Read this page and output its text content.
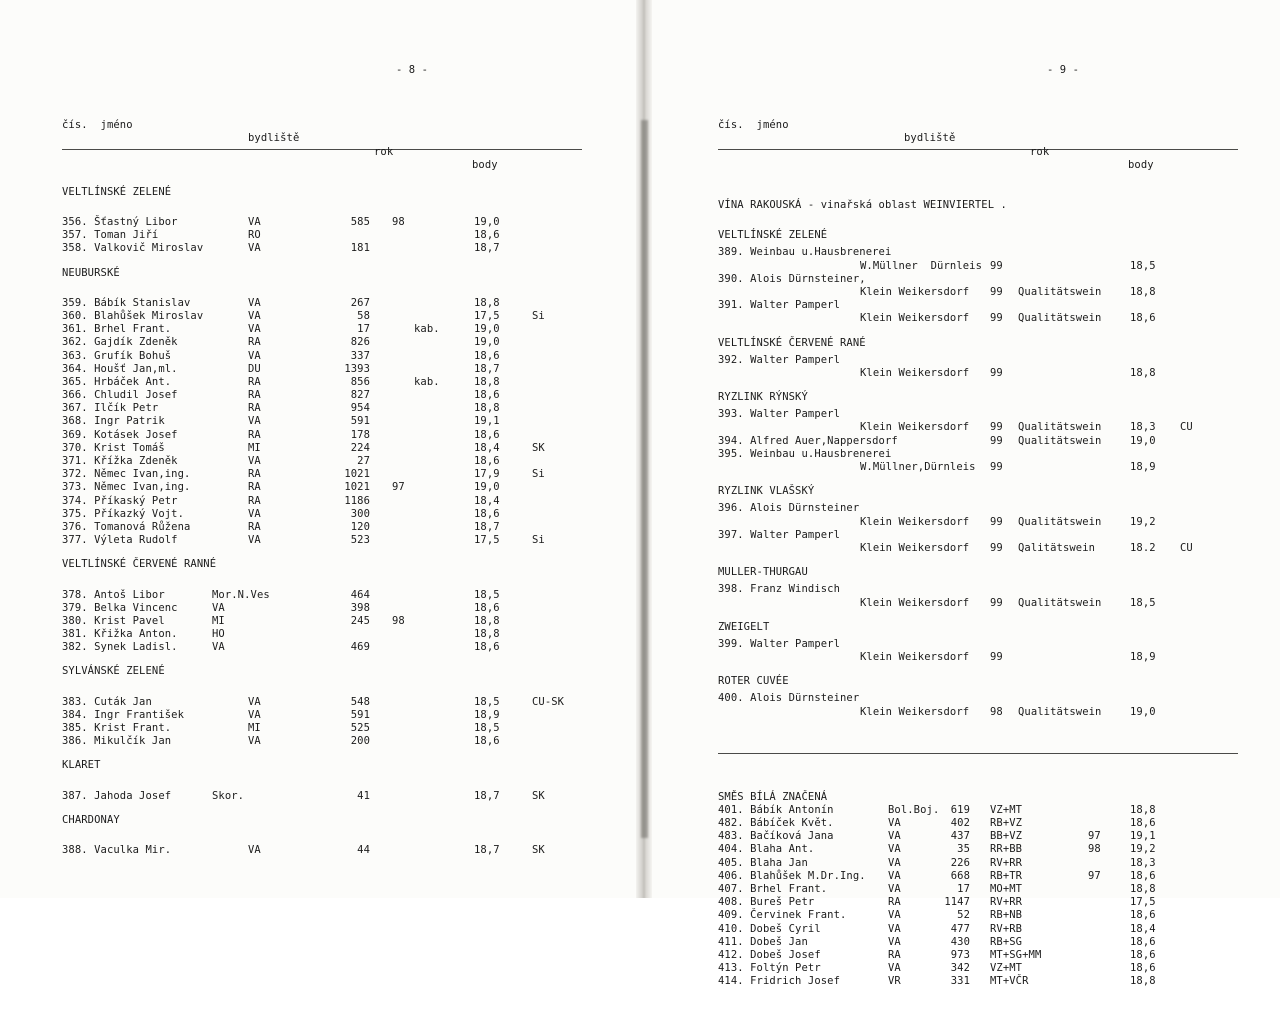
- 8 -

čís.  jméno

bydliště

rok

body

VELTLÍNSKÉ ZELENÉ
356. Šťastný Libor	VA	585 98	19,0
357. Toman Jiří	RO	18,6
358. Valkovič Miroslav	VA	181	18,7
NEUBURSKÉ
359. Bábík Stanislav	VA	267	18,8
360. Blahůšek Miroslav	VA	58	17,5	Si
361. Brhel Frant.	VA	17	kab.	19,0
362. Gajdík Zdeněk	RA	826	19,0
363. Grufík Bohuš	VA	337	18,6
364. Houšť Jan,ml.	DU	1393	18,7
365. Hrbáček Ant.	RA	856	kab.	18,8
366. Chludil Josef	RA	827	18,6
367. Ilčík Petr	RA	954	18,8
368. Ingr Patrik	VA	591	19,1
369. Kotásek Josef	RA	178	18,6
370. Krist Tomáš	MI	224	18,4	SK
371. Křížka Zdeněk	VA	27	18,6
372. Němec Ivan,ing.	RA	1021	17,9	Si
373. Němec Ivan,ing.	RA	1021 97	19,0
374. Příkaský Petr	RA	1186	18,4
375. Příkazký Vojt.	VA	300	18,6
376. Tomanová Růžena	RA	120	18,7
377. Výleta Rudolf	VA	523	17,5	Si
VELTLÍNSKÉ ČERVENÉ RANNÉ
378. Antoš Libor	Mor.N.Ves	464	18,5
379. Belka Vincenc	VA	398	18,6
380. Krist Pavel	MI	245 98	18,8
381. Křižka Anton.	HO	18,8
382. Synek Ladisl.	VA	469	18,6
SYLVÁNSKÉ ZELENÉ
383. Cuták Jan	VA	548	18,5	CU-SK
384. Ingr František	VA	591	18,9
385. Krist Frant.	MI	525	18,5
386. Mikulčík Jan	VA	200	18,6
KLARET
387. Jahoda Josef	Skor.	41	18,7	SK
CHARDONAY
388. Vaculka Mir.	VA	44	18,7	SK

- 9 -

čís.  jméno

bydliště

rok

body

VÍNA RAKOUSKÁ - vinařská oblast WEINVIERTEL .

VELTLÍNSKÉ ZELENÉ
389. Weinbau u.Hausbrenerei
W.Müllner  Dürnleis 99	18,5
390. Alois Dürnsteiner,
Klein Weikersdorf 99 Qualitätswein	18,8
391. Walter Pamperl
Klein Weikersdorf 99 Qualitätswein	18,6
VELTLÍNSKÉ ČERVENÉ RANÉ
392. Walter Pamperl
Klein Weikersdorf 99	18,8
RYZLINK RÝNSKÝ
393. Walter Pamperl
Klein Weikersdorf 99 Qualitätswein	18,3 CU
394. Alfred Auer,Nappersdorf	99 Qualitätswein	19,0
395. Weinbau u.Hausbrenerei
W.Müllner,Dürnleis 99	18,9
RYZLINK VLAŠSKÝ
396. Alois Dürnsteiner
Klein Weikersdorf 99 Qualitätswein	19,2
397. Walter Pamperl
Klein Weikersdorf 99 Qalitätswein	18.2 CU
MULLER-THURGAU
398. Franz Windisch
Klein Weikersdorf 99 Qualitätswein	18,5
ZWEIGELT
399. Walter Pamperl
Klein Weikersdorf 99	18,9
ROTER CUVÉE
400. Alois Dürnsteiner
Klein Weikersdorf 98 Qualitätswein	19,0

SMĚS BÍLÁ ZNAČENÁ
401. Bábík Antonín	Bol.Boj.	619 VZ+MT	18,8
482. Bábíček Květ.	VA	402 RB+VZ	18,6
483. Bačíková Jana	VA	437 BB+VZ	97	19,1
404. Blaha Ant.	VA	35 RR+BB	98	19,2
405. Blaha Jan	VA	226 RV+RR	18,3
406. Blahůšek M.Dr.Ing. VA	668 RB+TR	97	18,6
407. Brhel Frant.	VA	17 MO+MT	18,8
408. Bureš Petr	RA	1147 RV+RR	17,5
409. Červinek Frant.	VA	52 RB+NB	18,6
410. Dobeš Cyril	VA	477 RV+RB	18,4
411. Dobeš Jan	VA	430 RB+SG	18,6
412. Dobeš Josef	RA	973 MT+SG+MM	18,6
413. Foltýn Petr	VA	342 VZ+MT	18,6
414. Fridrich Josef	VR	331 MT+VČR	18,8
